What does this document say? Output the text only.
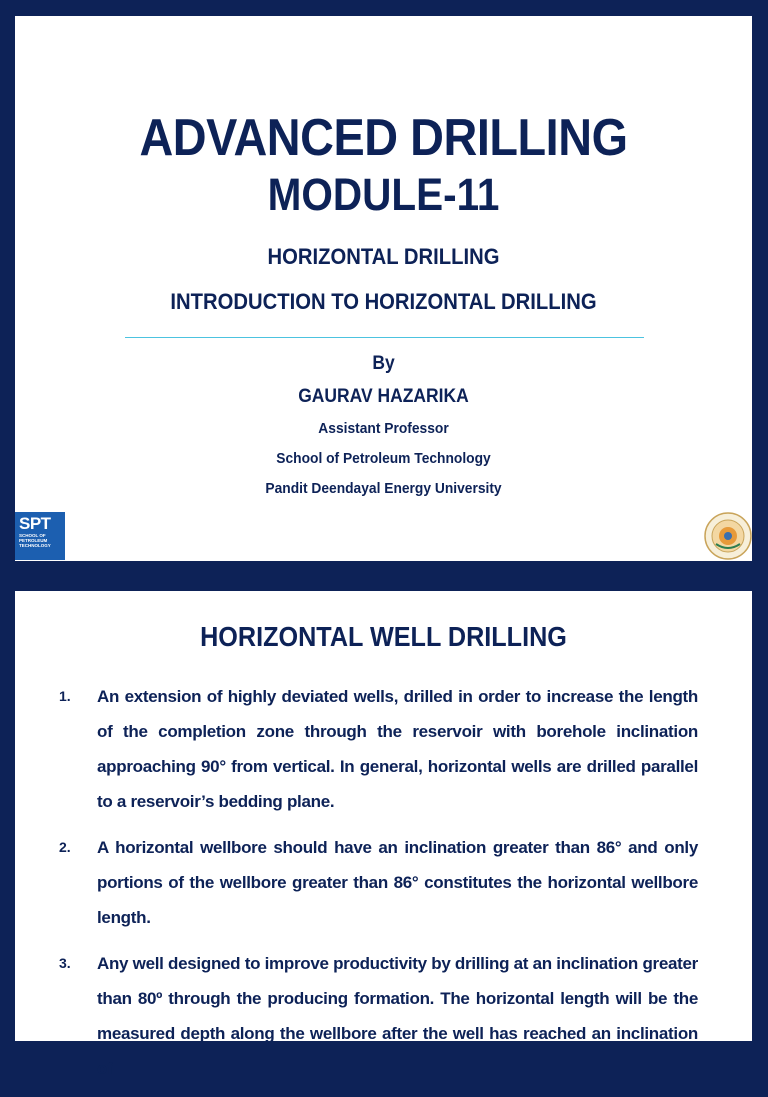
ADVANCED DRILLING
MODULE-11
HORIZONTAL DRILLING
INTRODUCTION TO HORIZONTAL DRILLING
By
GAURAV HAZARIKA
Assistant Professor
School of Petroleum Technology
Pandit Deendayal Energy University
SPT
SCHOOL OF
PETROLEUM
TECHNOLOGY
HORIZONTAL WELL DRILLING
1. An extension of highly deviated wells, drilled in order to increase the length of the completion zone through the reservoir with borehole inclination approaching 90° from vertical. In general, horizontal wells are drilled parallel to a reservoir’s bedding plane.
2. A horizontal wellbore should have an inclination greater than 86° and only portions of the wellbore greater than 86° constitutes the horizontal wellbore length.
3. Any well designed to improve productivity by drilling at an inclination greater than 80º through the producing formation. The horizontal length will be the measured depth along the wellbore after the well has reached an inclination of
